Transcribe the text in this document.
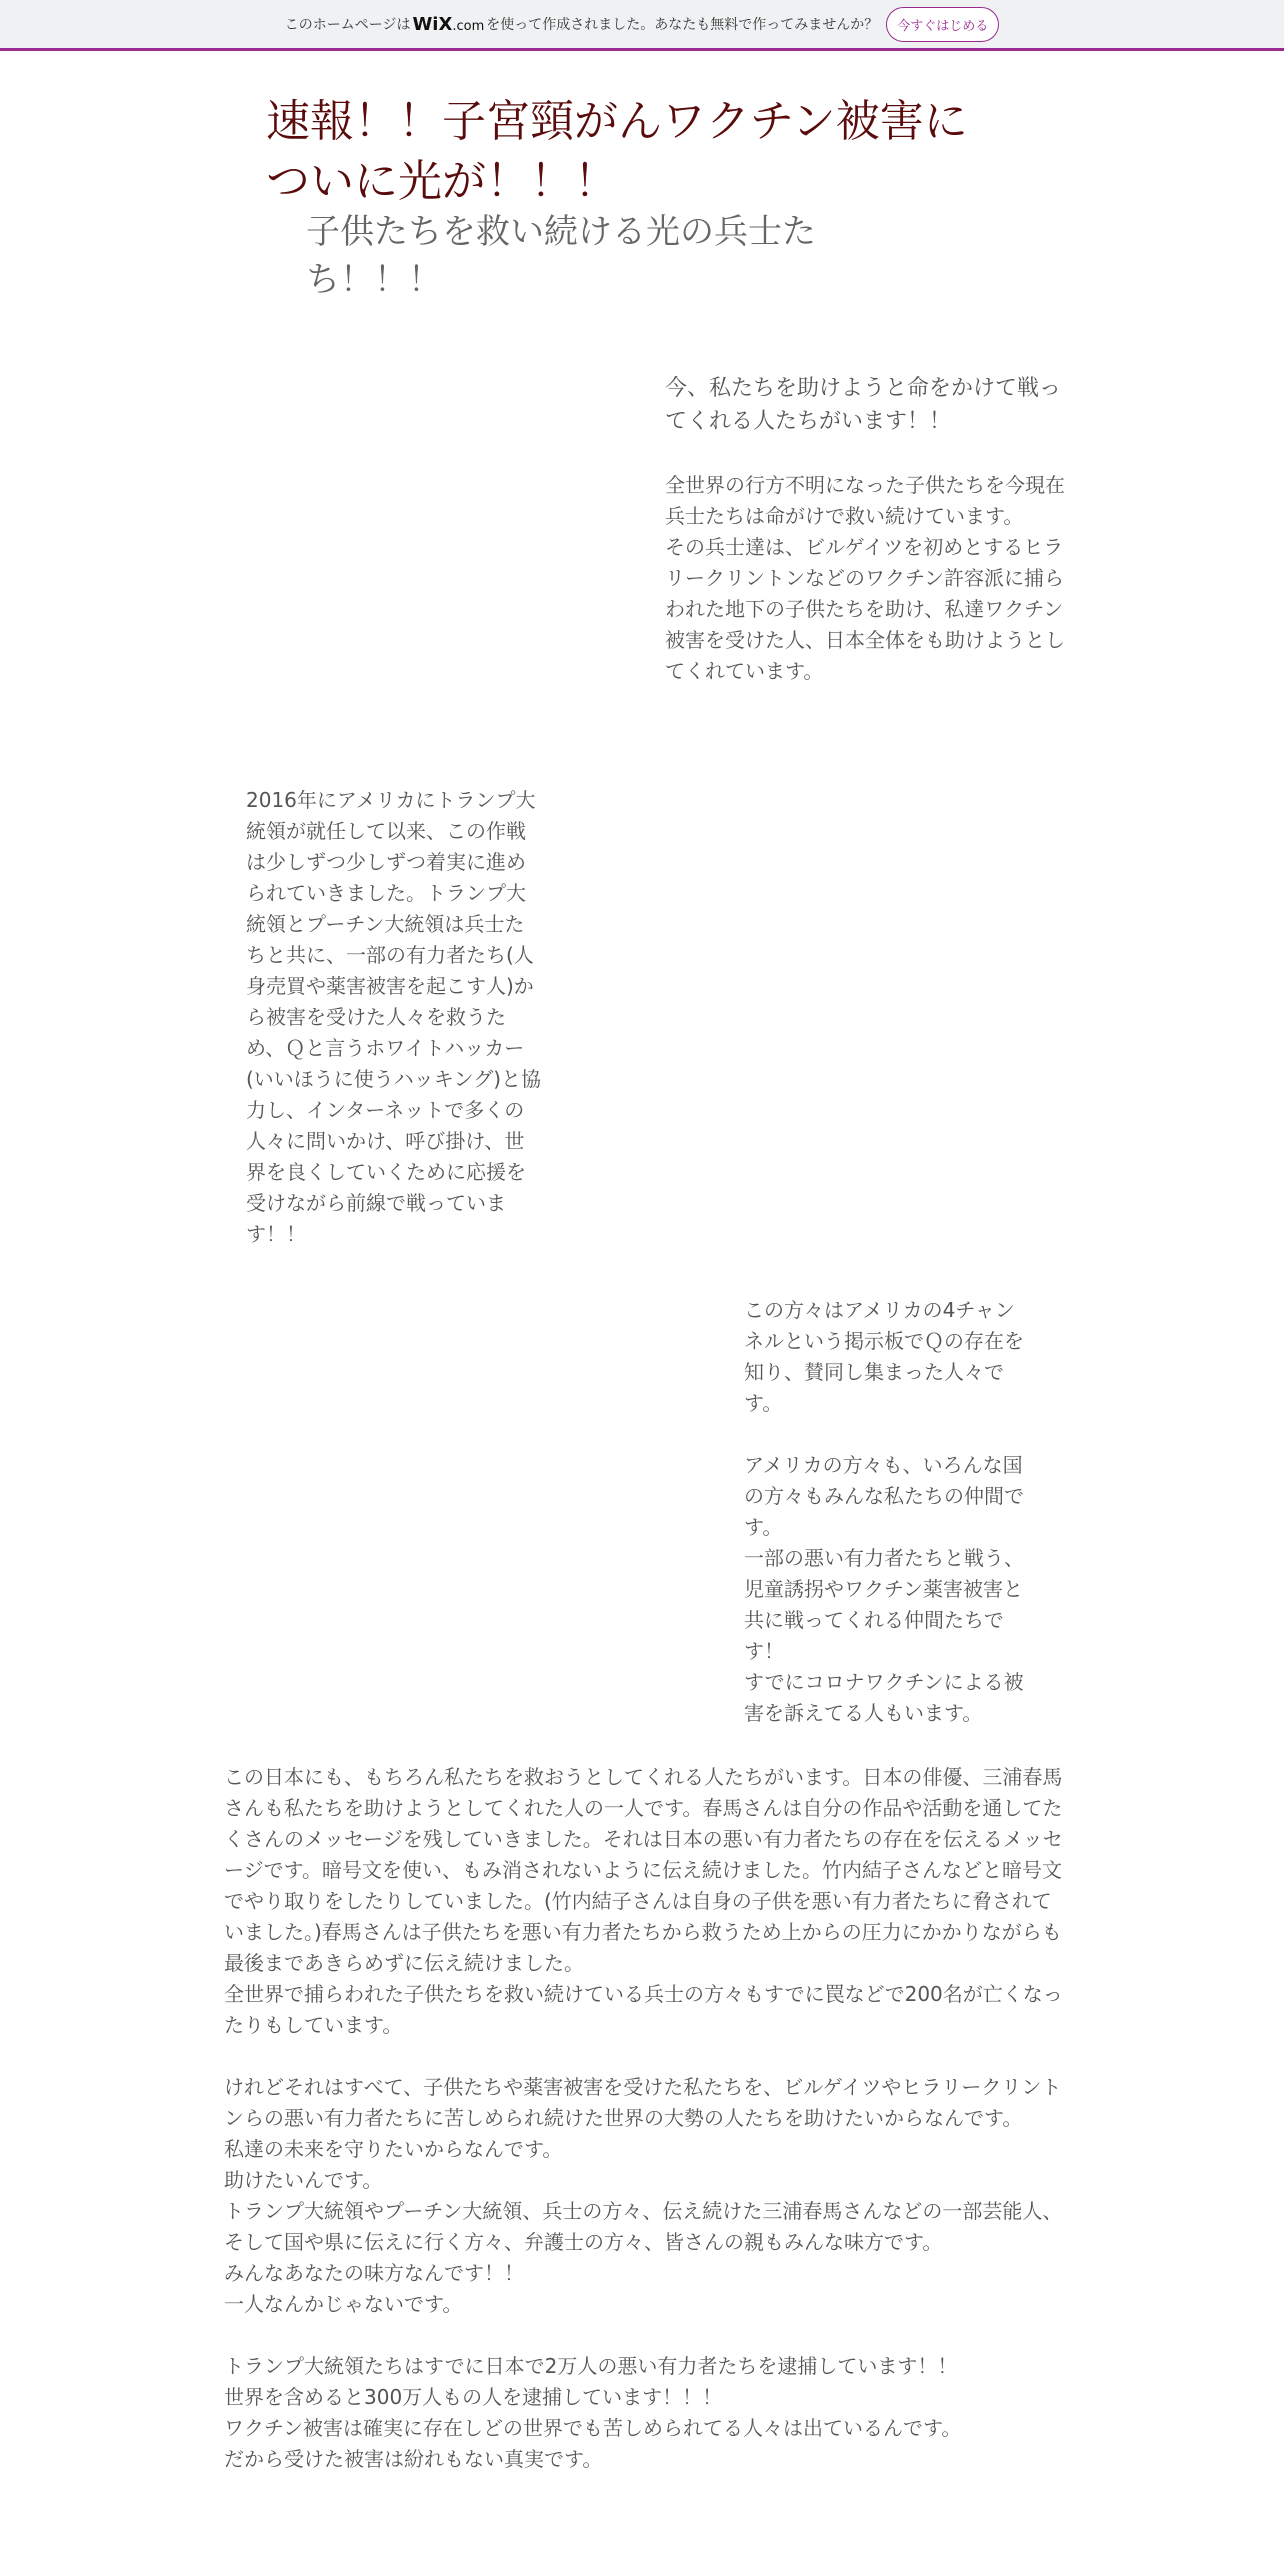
このホームページは WiX.com を使って作成されました。あなたも無料で作ってみませんか？	今すぐはじめる
速報！！子宮頸がんワクチン被害についに光が！！！
子供たちを救い続ける光の兵士たち！！！

今、私たちを助けようと命をかけて戦ってくれる人たちがいます！！

全世界の行方不明になった子供たちを今現在兵士たちは命がけで救い続けています。

その兵士達は、ビルゲイツを初めとするヒラリークリントンなどのワクチン許容派に捕らわれた地下の子供たちを助け、私達ワクチン被害を受けた人、日本全体をも助けようとしてくれています。

2016年にアメリカにトランプ大統領が就任して以来、この作戦は少しずつ少しずつ着実に進められていきました。トランプ大統領とプーチン大統領は兵士たちと共に、一部の有力者たち(人身売買や薬害被害を起こす人)から被害を受けた人々を救うため、Ｑと言うホワイトハッカー(いいほうに使うハッキング)と協力し、インターネットで多くの人々に問いかけ、呼び掛け、世界を良くしていくために応援を受けながら前線で戦っています！！

この方々はアメリカの4チャンネルという掲示板でＱの存在を知り、賛同し集まった人々です。

アメリカの方々も、いろんな国の方々もみんな私たちの仲間です。

一部の悪い有力者たちと戦う、児童誘拐やワクチン薬害被害と共に戦ってくれる仲間たちです！

すでにコロナワクチンによる被害を訴えてる人もいます。

この日本にも、もちろん私たちを救おうとしてくれる人たちがいます。日本の俳優、三浦春馬さんも私たちを助けようとしてくれた人の一人です。春馬さんは自分の作品や活動を通してたくさんのメッセージを残していきました。それは日本の悪い有力者たちの存在を伝えるメッセージです。暗号文を使い、もみ消されないように伝え続けました。竹内結子さんなどと暗号文でやり取りをしたりしていました。(竹内結子さんは自身の子供を悪い有力者たちに脅されていました。)春馬さんは子供たちを悪い有力者たちから救うため上からの圧力にかかりながらも最後まであきらめずに伝え続けました。

全世界で捕らわれた子供たちを救い続けている兵士の方々もすでに罠などで200名が亡くなったりもしています。

けれどそれはすべて、子供たちや薬害被害を受けた私たちを、ビルゲイツやヒラリークリントンらの悪い有力者たちに苦しめられ続けた世界の大勢の人たちを助けたいからなんです。

私達の未来を守りたいからなんです。

助けたいんです。

トランプ大統領やプーチン大統領、兵士の方々、伝え続けた三浦春馬さんなどの一部芸能人、そして国や県に伝えに行く方々、弁護士の方々、皆さんの親もみんな味方です。

みんなあなたの味方なんです！！

一人なんかじゃないです。

トランプ大統領たちはすでに日本で2万人の悪い有力者たちを逮捕しています！！

世界を含めると300万人もの人を逮捕しています！！！

ワクチン被害は確実に存在しどの世界でも苦しめられてる人々は出ているんです。

だから受けた被害は紛れもない真実です。
